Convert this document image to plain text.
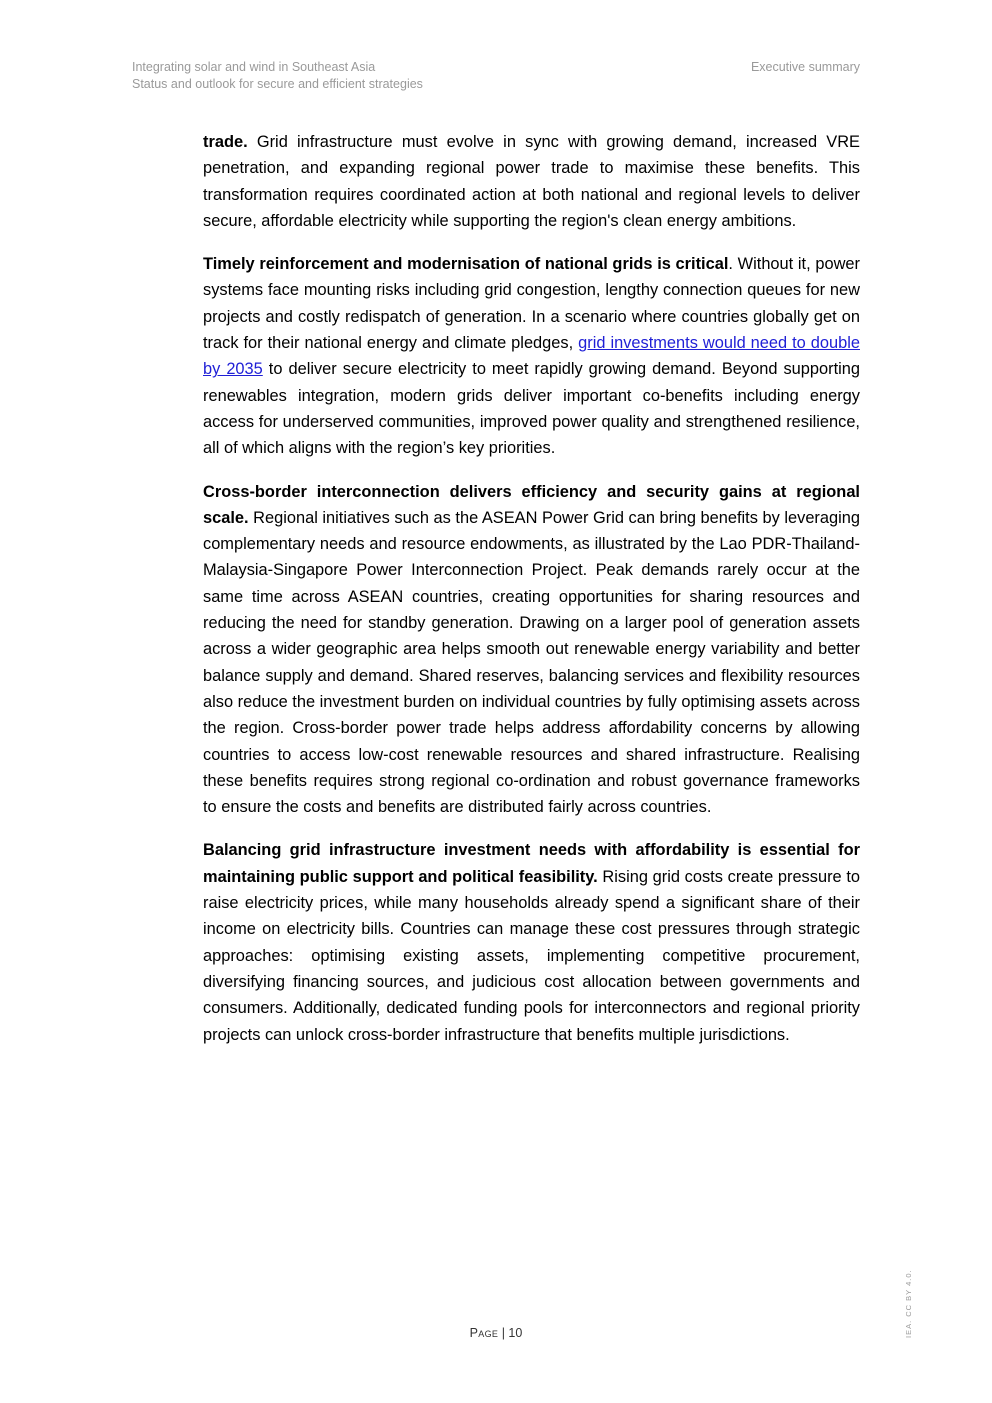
Integrating solar and wind in Southeast Asia
Status and outlook for secure and efficient strategies
Executive summary

trade. Grid infrastructure must evolve in sync with growing demand, increased VRE penetration, and expanding regional power trade to maximise these benefits. This transformation requires coordinated action at both national and regional levels to deliver secure, affordable electricity while supporting the region's clean energy ambitions.

Timely reinforcement and modernisation of national grids is critical. Without it, power systems face mounting risks including grid congestion, lengthy connection queues for new projects and costly redispatch of generation. In a scenario where countries globally get on track for their national energy and climate pledges, grid investments would need to double by 2035 to deliver secure electricity to meet rapidly growing demand. Beyond supporting renewables integration, modern grids deliver important co-benefits including energy access for underserved communities, improved power quality and strengthened resilience, all of which aligns with the region’s key priorities.

Cross-border interconnection delivers efficiency and security gains at regional scale. Regional initiatives such as the ASEAN Power Grid can bring benefits by leveraging complementary needs and resource endowments, as illustrated by the Lao PDR-Thailand-Malaysia-Singapore Power Interconnection Project. Peak demands rarely occur at the same time across ASEAN countries, creating opportunities for sharing resources and reducing the need for standby generation. Drawing on a larger pool of generation assets across a wider geographic area helps smooth out renewable energy variability and better balance supply and demand. Shared reserves, balancing services and flexibility resources also reduce the investment burden on individual countries by fully optimising assets across the region. Cross-border power trade helps address affordability concerns by allowing countries to access low-cost renewable resources and shared infrastructure. Realising these benefits requires strong regional co-ordination and robust governance frameworks to ensure the costs and benefits are distributed fairly across countries.

Balancing grid infrastructure investment needs with affordability is essential for maintaining public support and political feasibility. Rising grid costs create pressure to raise electricity prices, while many households already spend a significant share of their income on electricity bills. Countries can manage these cost pressures through strategic approaches: optimising existing assets, implementing competitive procurement, diversifying financing sources, and judicious cost allocation between governments and consumers. Additionally, dedicated funding pools for interconnectors and regional priority projects can unlock cross-border infrastructure that benefits multiple jurisdictions.

Page | 10	IEA. CC BY 4.0.
